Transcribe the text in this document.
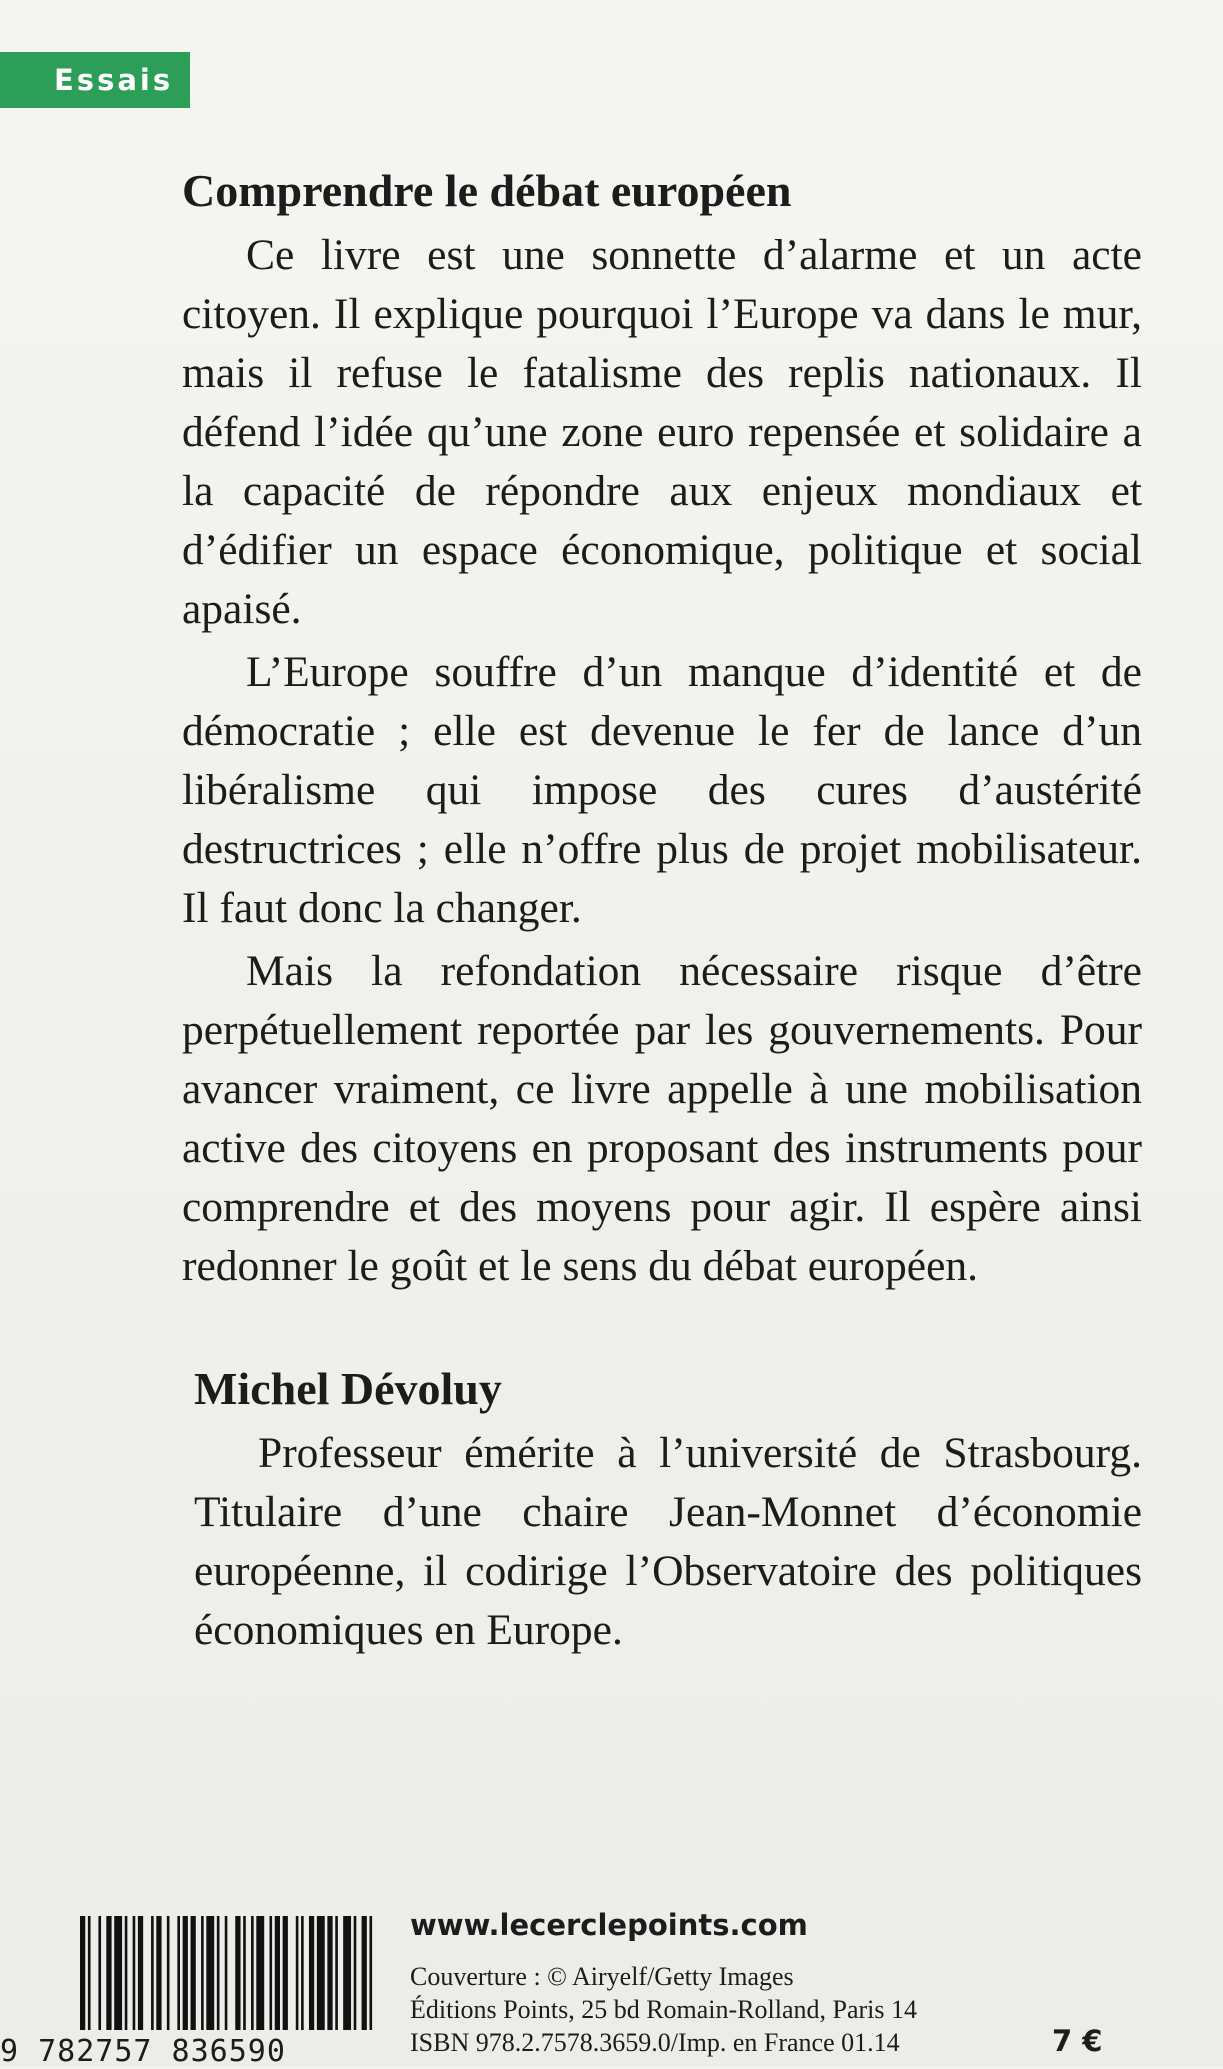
Essais
Comprendre le débat européen

Ce livre est une sonnette d’alarme et un acte citoyen. Il explique pourquoi l’Europe va dans le mur, mais il refuse le fatalisme des replis nationaux. Il défend l’idée qu’une zone euro repensée et solidaire a la capacité de répondre aux enjeux mondiaux et d’édifier un espace économique, politique et social apaisé.

L’Europe souffre d’un manque d’identité et de démocratie ; elle est devenue le fer de lance d’un libéralisme qui impose des cures d’austérité destructrices ; elle n’offre plus de projet mobilisateur. Il faut donc la changer.

Mais la refondation nécessaire risque d’être perpétuellement reportée par les gouvernements. Pour avancer vraiment, ce livre appelle à une mobilisation active des citoyens en proposant des instruments pour comprendre et des moyens pour agir. Il espère ainsi redonner le goût et le sens du débat européen.

Michel Dévoluy

Professeur émérite à l’université de Strasbourg. Titulaire d’une chaire Jean-Monnet d’économie européenne, il codirige l’Observatoire des politiques économiques en Europe.

9 782757 836590
www.lecerclepoints.com
Couverture : © Airyelf/Getty Images
Éditions Points, 25 bd Romain-Rolland, Paris 14
ISBN 978.2.7578.3659.0/Imp. en France 01.14	7 €
